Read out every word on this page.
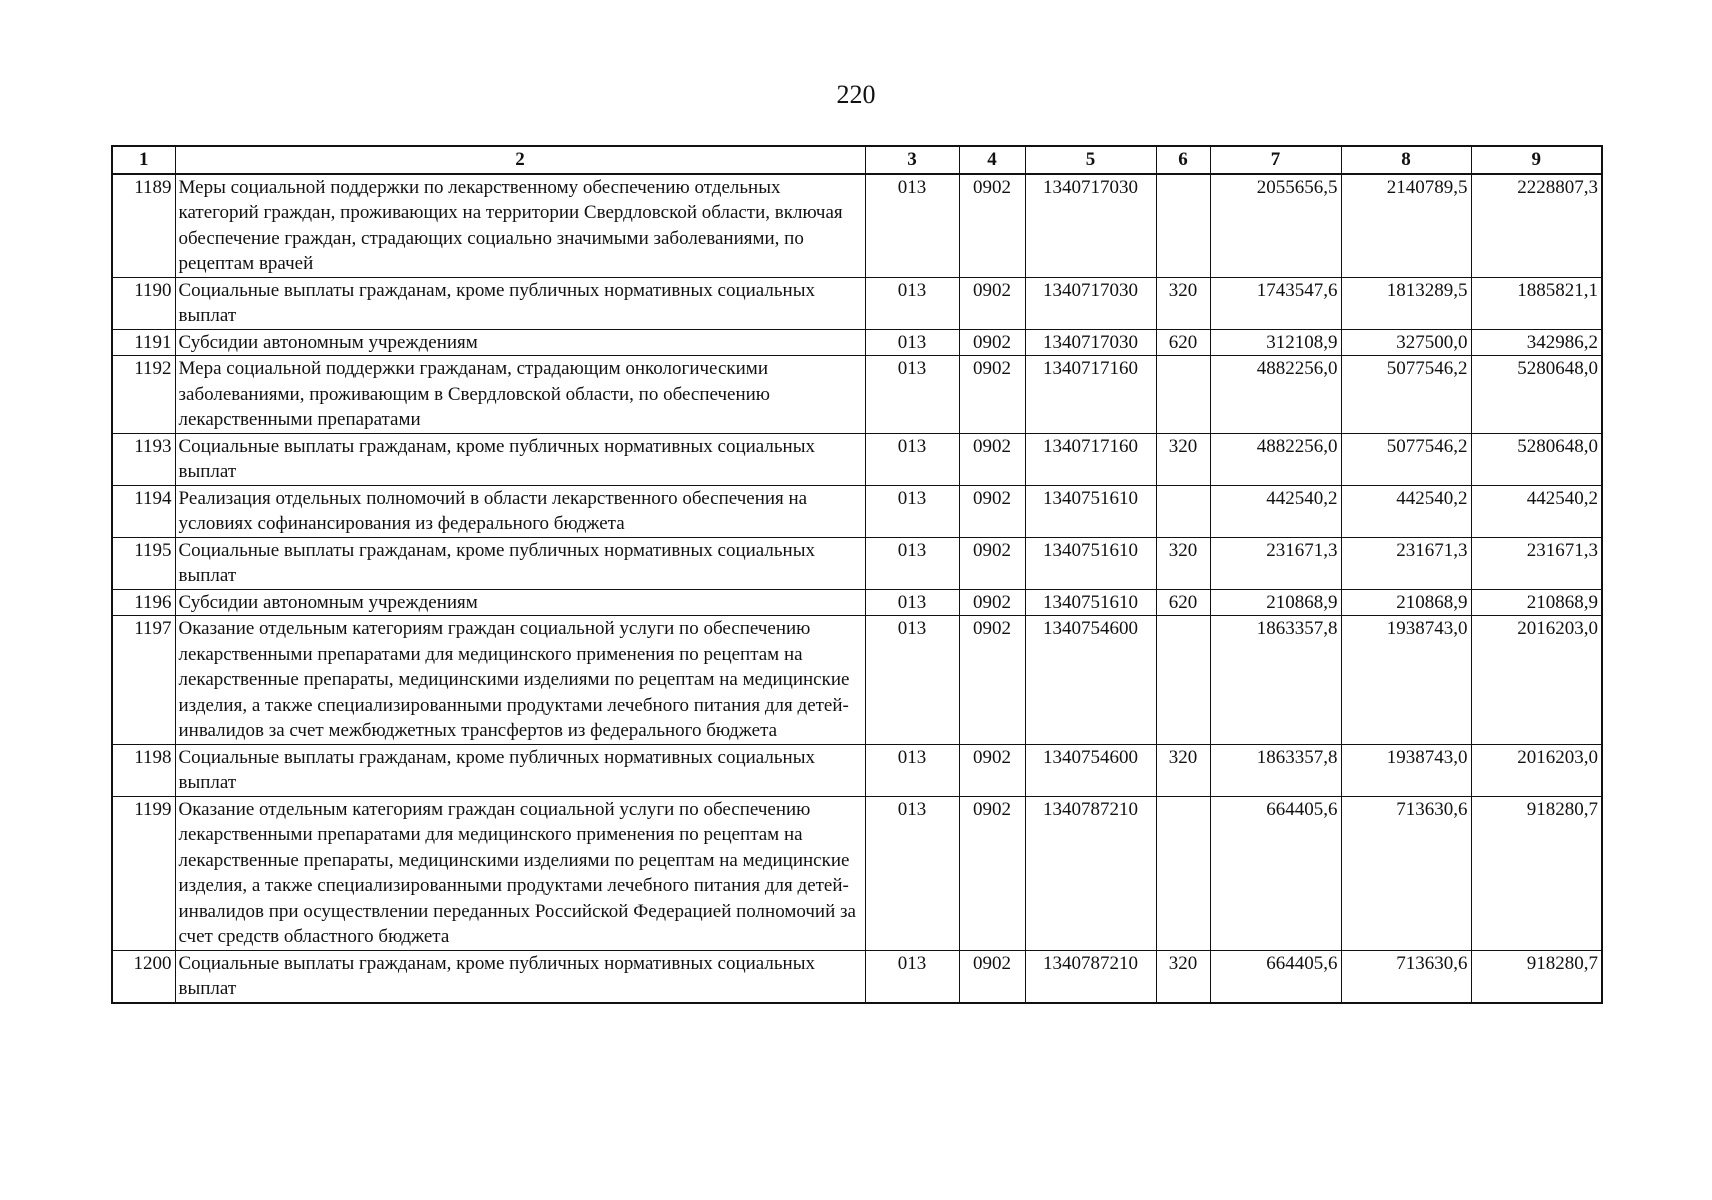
220
1	2	3	4	5	6	7	8	9
1189	Меры социальной поддержки по лекарственному обеспечению отдельных категорий граждан, проживающих на территории Свердловской области, включая обеспечение граждан, страдающих социально значимыми заболеваниями, по рецептам врачей	013	0902	1340717030		2055656,5	2140789,5	2228807,3
1190	Социальные выплаты гражданам, кроме публичных нормативных социальных выплат	013	0902	1340717030	320	1743547,6	1813289,5	1885821,1
1191	Субсидии автономным учреждениям	013	0902	1340717030	620	312108,9	327500,0	342986,2
1192	Мера социальной поддержки гражданам, страдающим онкологическими заболеваниями, проживающим в Свердловской области, по обеспечению лекарственными препаратами	013	0902	1340717160		4882256,0	5077546,2	5280648,0
1193	Социальные выплаты гражданам, кроме публичных нормативных социальных выплат	013	0902	1340717160	320	4882256,0	5077546,2	5280648,0
1194	Реализация отдельных полномочий в области лекарственного обеспечения на условиях софинансирования из федерального бюджета	013	0902	1340751610		442540,2	442540,2	442540,2
1195	Социальные выплаты гражданам, кроме публичных нормативных социальных выплат	013	0902	1340751610	320	231671,3	231671,3	231671,3
1196	Субсидии автономным учреждениям	013	0902	1340751610	620	210868,9	210868,9	210868,9
1197	Оказание отдельным категориям граждан социальной услуги по обеспечению лекарственными препаратами для медицинского применения по рецептам на лекарственные препараты, медицинскими изделиями по рецептам на медицинские изделия, а также специализированными продуктами лечебного питания для детей-инвалидов за счет межбюджетных трансфертов из федерального бюджета	013	0902	1340754600		1863357,8	1938743,0	2016203,0
1198	Социальные выплаты гражданам, кроме публичных нормативных социальных выплат	013	0902	1340754600	320	1863357,8	1938743,0	2016203,0
1199	Оказание отдельным категориям граждан социальной услуги по обеспечению лекарственными препаратами для медицинского применения по рецептам на лекарственные препараты, медицинскими изделиями по рецептам на медицинские изделия, а также специализированными продуктами лечебного питания для детей-инвалидов при осуществлении переданных Российской Федерацией полномочий за счет средств областного бюджета	013	0902	1340787210		664405,6	713630,6	918280,7
1200	Социальные выплаты гражданам, кроме публичных нормативных социальных выплат	013	0902	1340787210	320	664405,6	713630,6	918280,7
